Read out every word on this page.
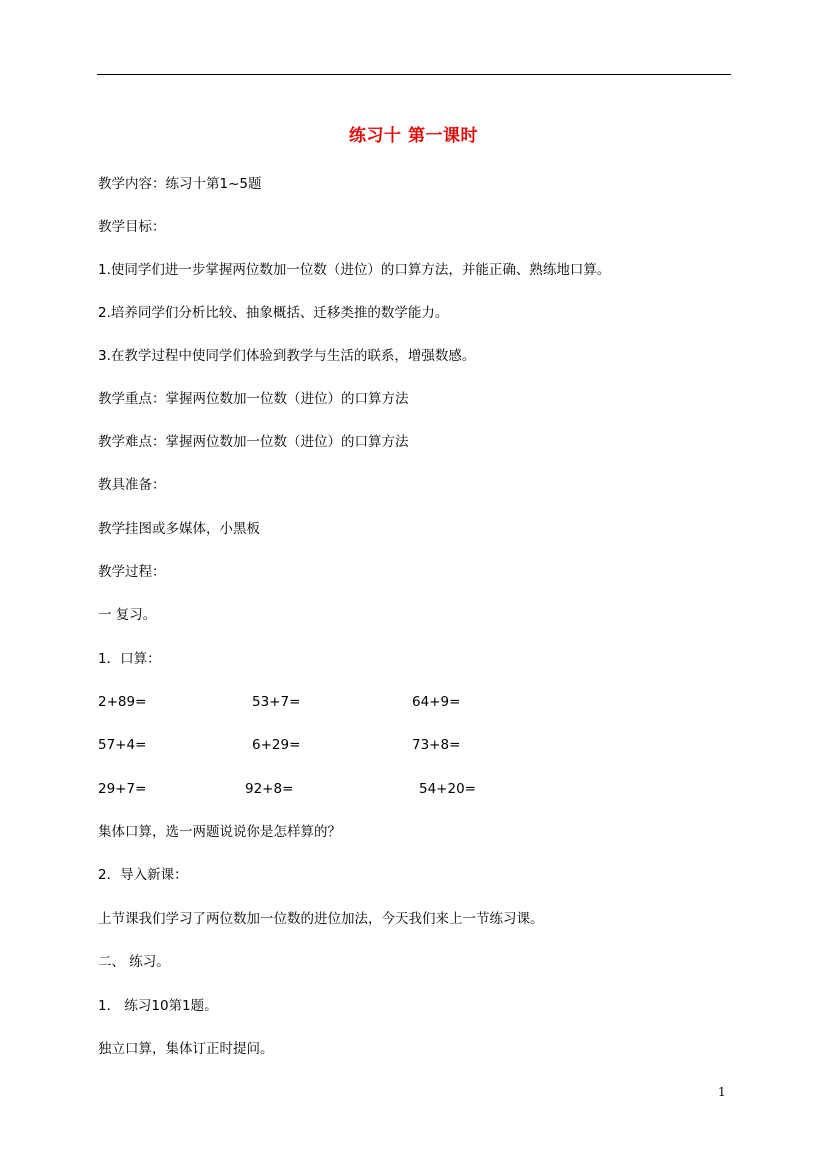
练习十 第一课时
教学内容：练习十第1~5题
教学目标：
1.使同学们进一步掌握两位数加一位数（进位）的口算方法，并能正确、熟练地口算。
2.培养同学们分析比较、抽象概括、迁移类推的数学能力。
3.在教学过程中使同学们体验到教学与生活的联系，增强数感。
教学重点：掌握两位数加一位数（进位）的口算方法
教学难点：掌握两位数加一位数（进位）的口算方法
教具准备：
教学挂图或多媒体，小黑板
教学过程：
一 复习。
1．口算：
2+89=	53+7=	64+9=
57+4=	6+29=	73+8=
29+7=	92+8=	54+20=
集体口算，选一两题说说你是怎样算的？
2．导入新课：
上节课我们学习了两位数加一位数的进位加法，今天我们来上一节练习课。
二、 练习。
1． 练习10第1题。
独立口算，集体订正时提问。
1
